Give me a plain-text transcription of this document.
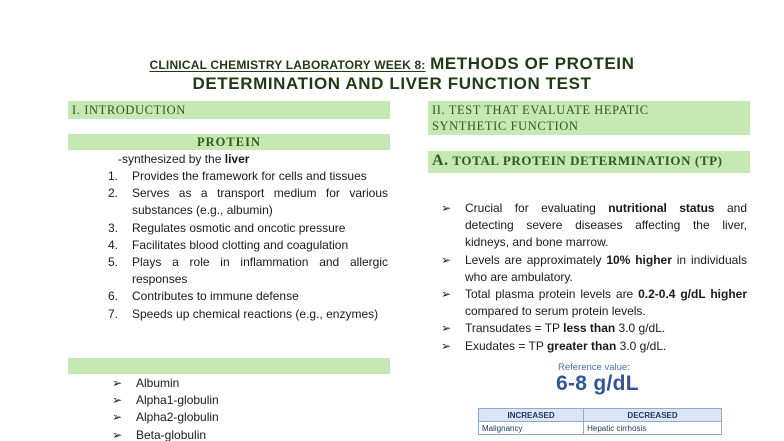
CLINICAL CHEMISTRY LABORATORY WEEK 8: METHODS OF PROTEIN
DETERMINATION AND LIVER FUNCTION TEST
I. INTRODUCTION
PROTEIN
-synthesized by the liver
1. Provides the framework for cells and tissues
2. Serves as a transport medium for various substances (e.g., albumin)
3. Regulates osmotic and oncotic pressure
4. Facilitates blood clotting and coagulation
5. Plays a role in inflammation and allergic responses
6. Contributes to immune defense
7. Speeds up chemical reactions (e.g., enzymes)
➢ Albumin
➢ Alpha1-globulin
➢ Alpha2-globulin
➢ Beta-globulin
II. TEST THAT EVALUATE HEPATIC
SYNTHETIC FUNCTION
A. TOTAL PROTEIN DETERMINATION (TP)
➢ Crucial for evaluating nutritional status and detecting severe diseases affecting the liver, kidneys, and bone marrow.
➢ Levels are approximately 10% higher in individuals who are ambulatory.
➢ Total plasma protein levels are 0.2-0.4 g/dL higher compared to serum protein levels.
➢ Transudates = TP less than 3.0 g/dL.
➢ Exudates = TP greater than 3.0 g/dL.
Reference value:
6-8 g/dL
INCREASED	DECREASED
Malignancy	Hepatic cirrhosis
